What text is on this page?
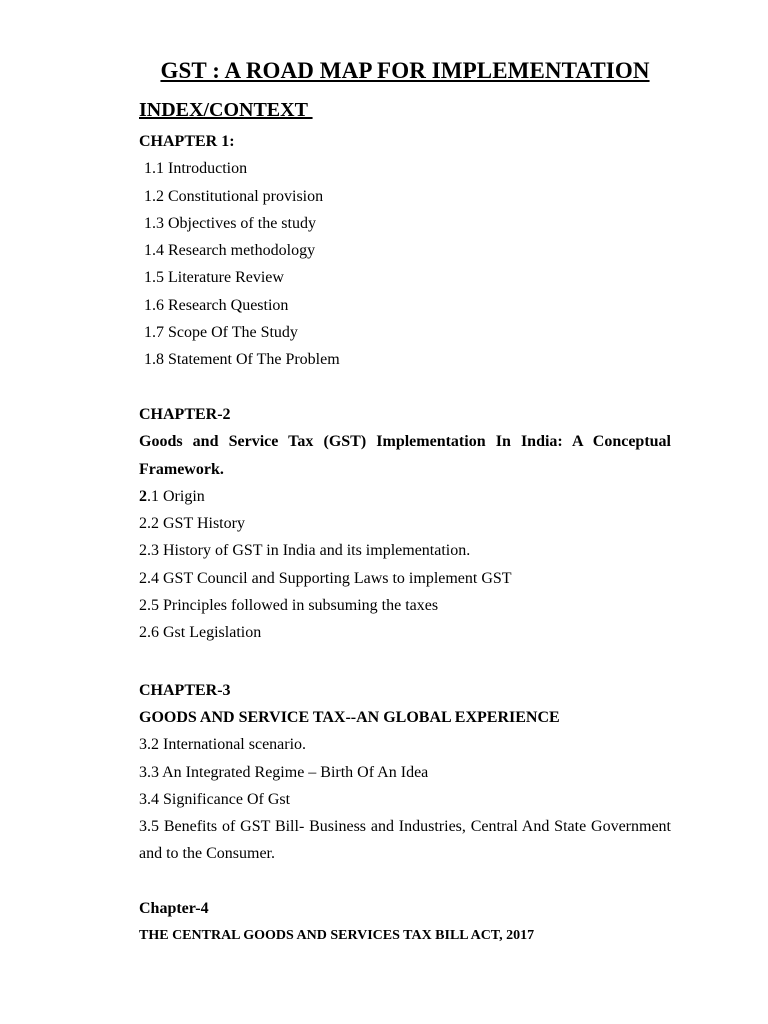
GST : A ROAD MAP FOR IMPLEMENTATION
INDEX/CONTEXT
CHAPTER 1:
1.1 Introduction
1.2 Constitutional provision
1.3 Objectives of the study
1.4 Research methodology
1.5 Literature Review
1.6 Research Question
1.7 Scope Of The Study
1.8 Statement Of The Problem
CHAPTER-2
Goods and Service Tax (GST) Implementation In India: A Conceptual Framework.
2.1 Origin
2.2 GST History
2.3 History of GST in India and its implementation.
2.4 GST Council and Supporting Laws to implement GST
2.5 Principles followed in subsuming the taxes
2.6 Gst Legislation
CHAPTER-3
GOODS AND SERVICE TAX--AN GLOBAL EXPERIENCE
3.2 International scenario.
3.3 An Integrated Regime – Birth Of An Idea
3.4 Significance Of Gst
3.5 Benefits of GST Bill- Business and Industries, Central And State Government and to the Consumer.
Chapter-4
THE CENTRAL GOODS AND SERVICES TAX BILL ACT, 2017
